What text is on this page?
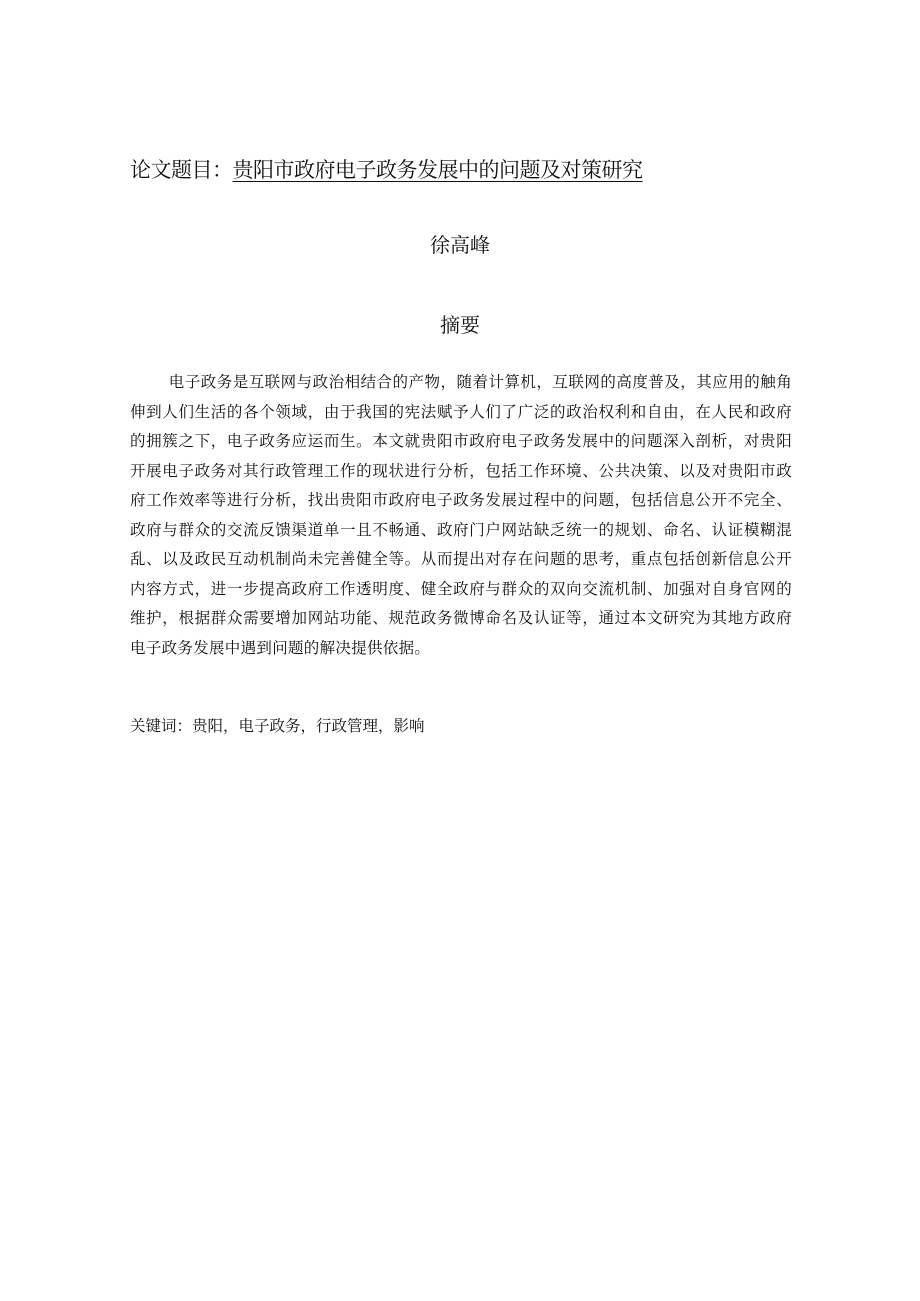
论文题目：贵阳市政府电子政务发展中的问题及对策研究
徐高峰
摘要

电子政务是互联网与政治相结合的产物，随着计算机，互联网的高度普及，其应用的触角伸到人们生活的各个领域，由于我国的宪法赋予人们了广泛的政治权利和自由，在人民和政府的拥簇之下，电子政务应运而生。本文就贵阳市政府电子政务发展中的问题深入剖析，对贵阳开展电子政务对其行政管理工作的现状进行分析，包括工作环境、公共决策、以及对贵阳市政府工作效率等进行分析，找出贵阳市政府电子政务发展过程中的问题，包括信息公开不完全、政府与群众的交流反馈渠道单一且不畅通、政府门户网站缺乏统一的规划、命名、认证模糊混乱、以及政民互动机制尚未完善健全等。从而提出对存在问题的思考，重点包括创新信息公开内容方式，进一步提高政府工作透明度、健全政府与群众的双向交流机制、加强对自身官网的维护，根据群众需要增加网站功能、规范政务微博命名及认证等，通过本文研究为其地方政府电子政务发展中遇到问题的解决提供依据。

关键词：贵阳，电子政务，行政管理，影响
